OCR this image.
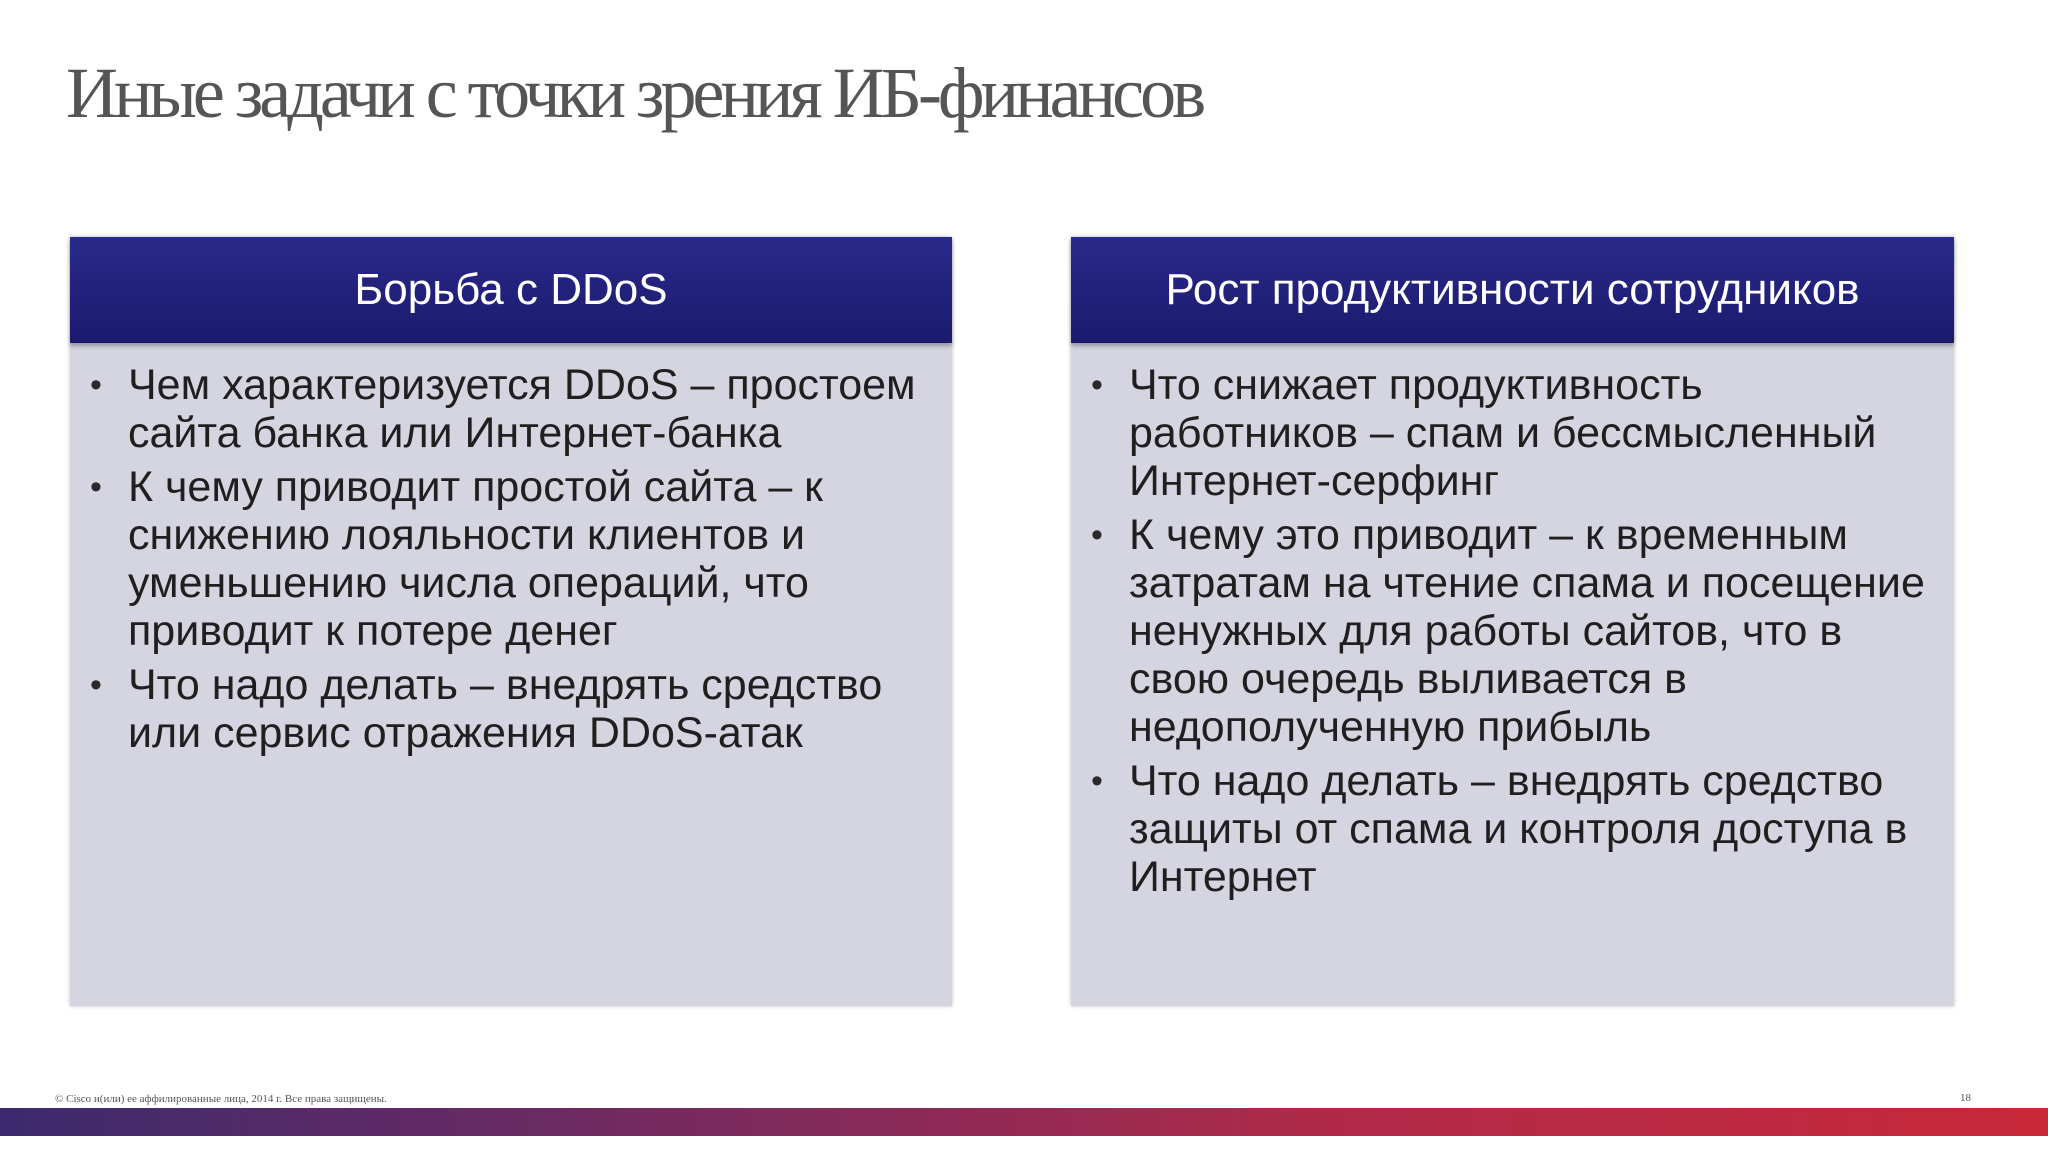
Иные задачи с точки зрения ИБ-финансов
Борьба с DDoS
• Чем характеризуется DDoS – простоем сайта банка или Интернет-банка
• К чему приводит простой сайта – к снижению лояльности клиентов и уменьшению числа операций, что приводит к потере денег
• Что надо делать – внедрять средство или сервис отражения DDoS-атак
Рост продуктивности сотрудников
• Что снижает продуктивность работников – спам и бессмысленный Интернет-серфинг
• К чему это приводит – к временным затратам на чтение спама и посещение ненужных для работы сайтов, что в свою очередь выливается в недополученную прибыль
• Что надо делать – внедрять средство защиты от спама и контроля доступа в Интернет
© Cisco и(или) ее аффилированные лица, 2014 г. Все права защищены.	18
